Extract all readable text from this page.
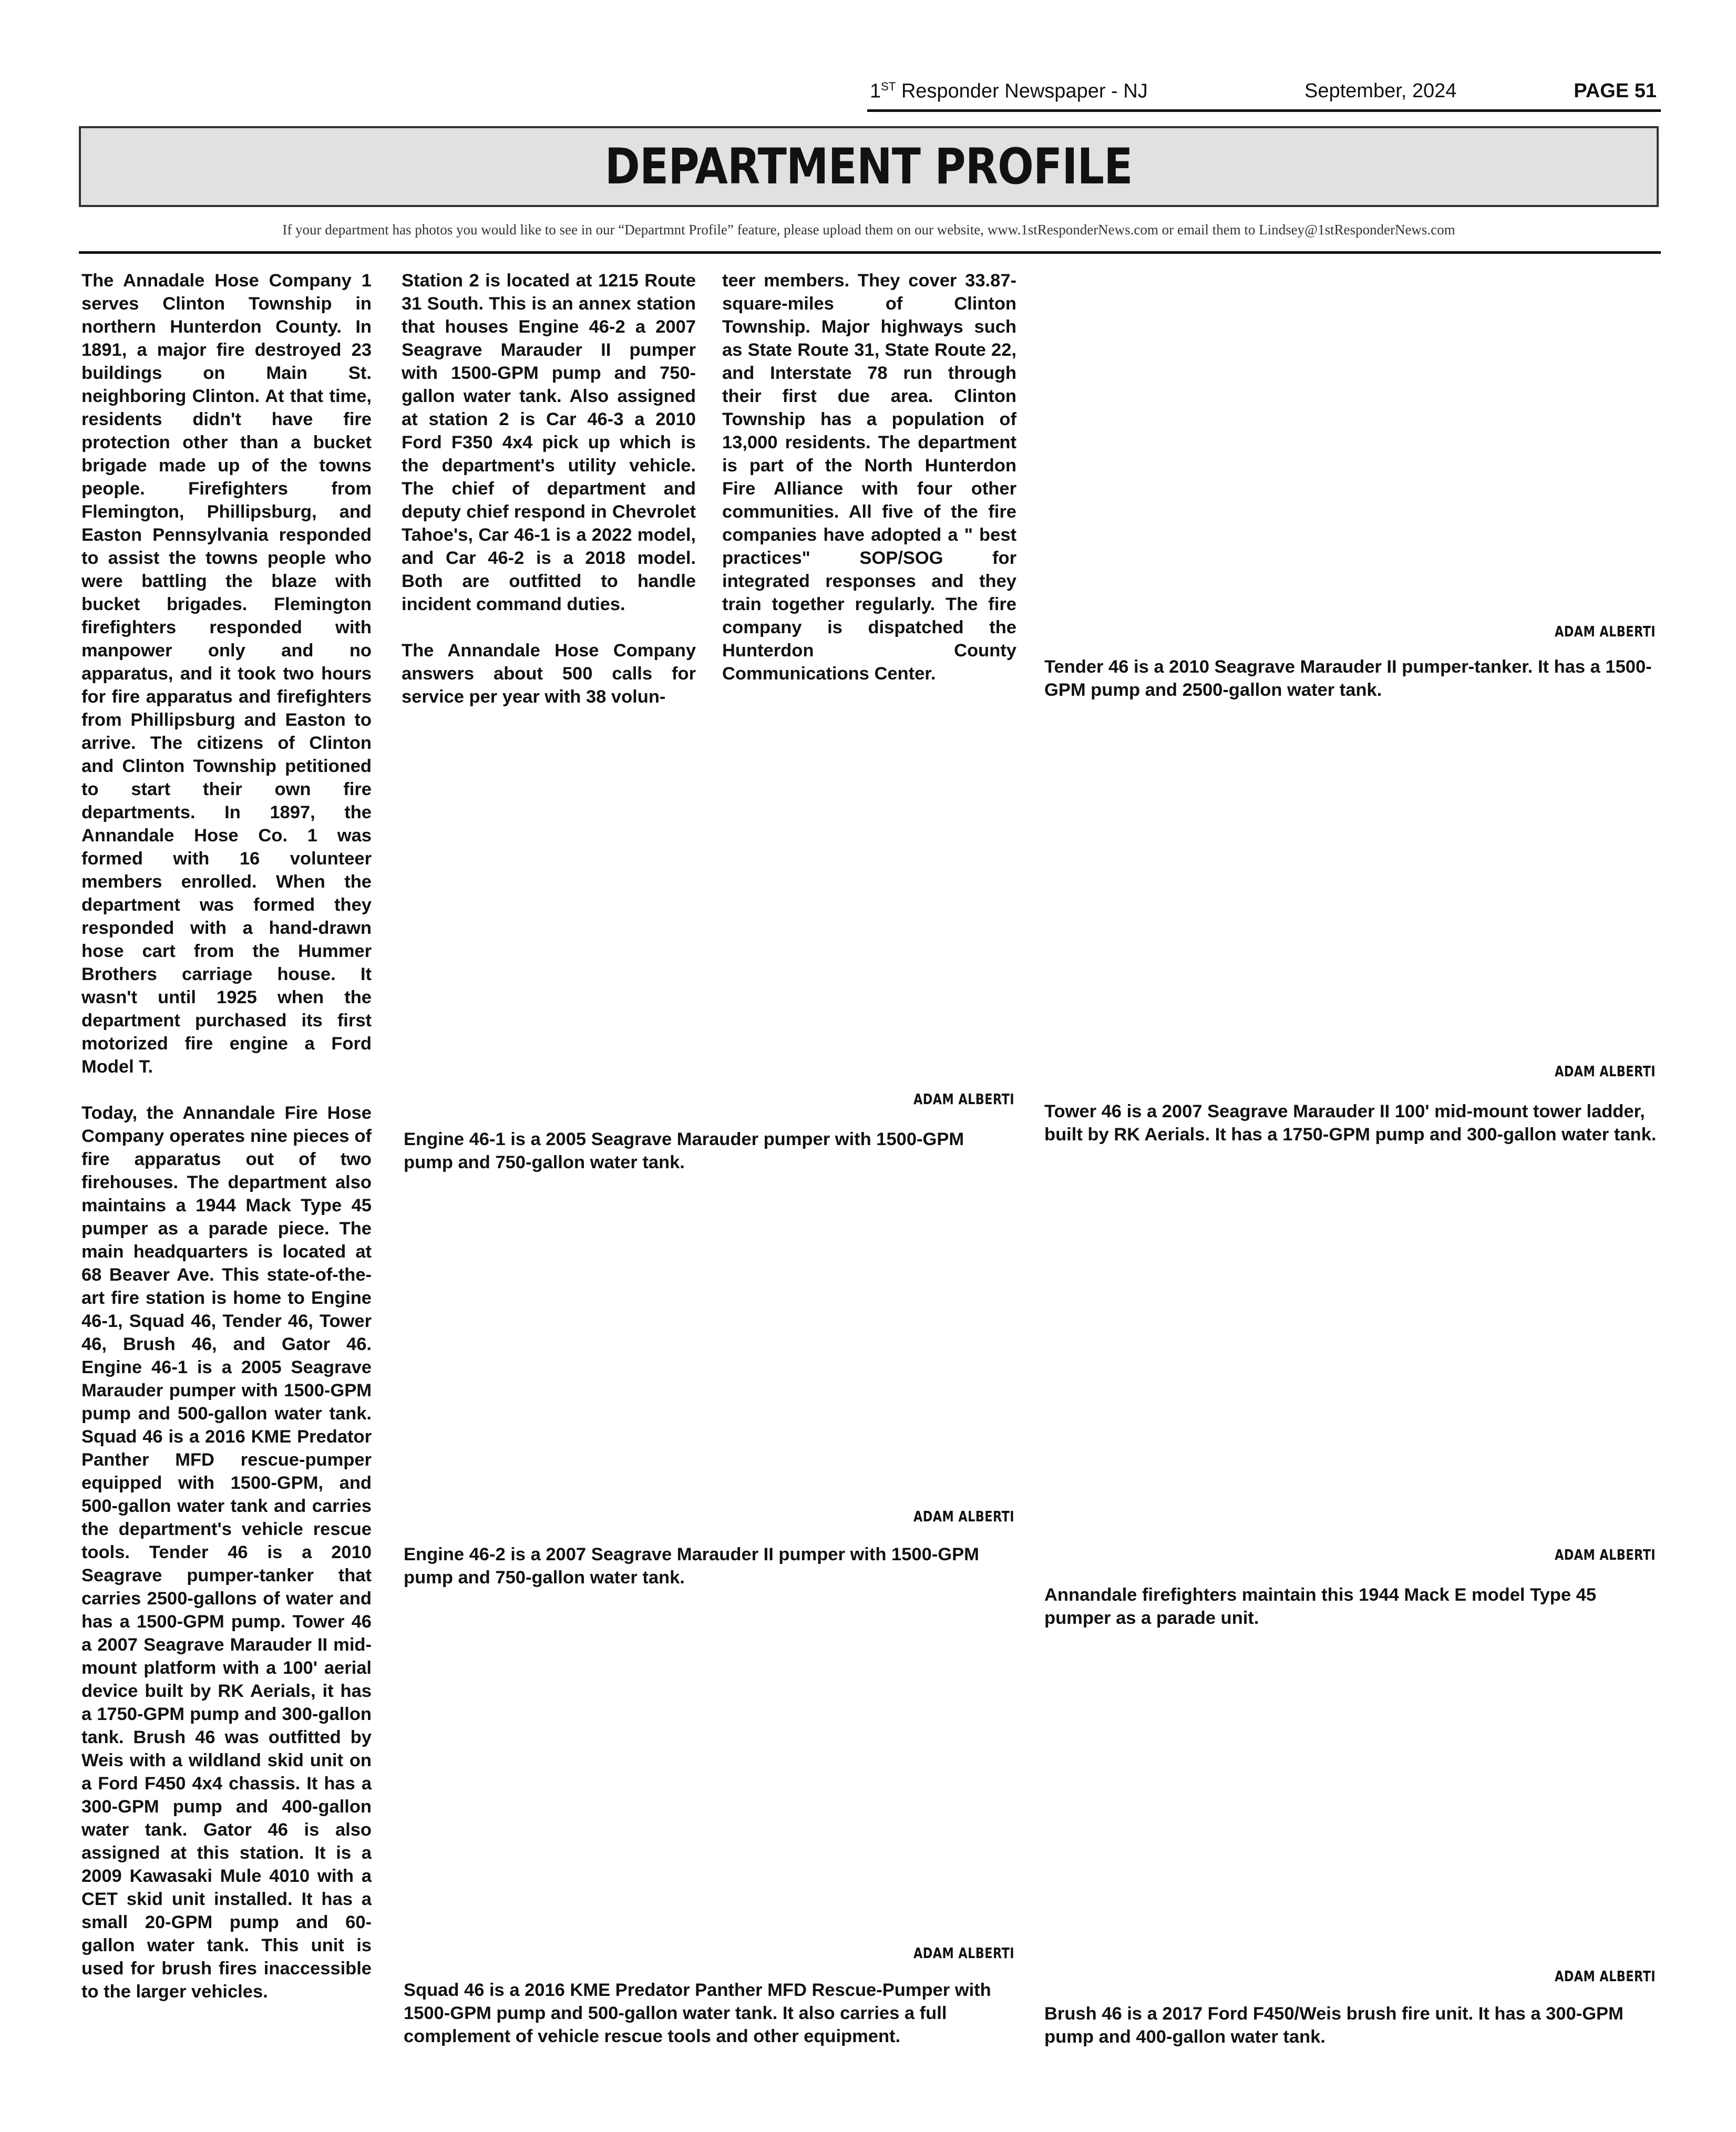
1ST Responder Newspaper - NJ	September, 2024	PAGE 51
DEPARTMENT PROFILE
If your department has photos you would like to see in our “Departmnt Profile” feature, please upload them on our website, www.1stResponderNews.com or email them to Lindsey@1stResponderNews.com

The Annadale Hose Company 1 serves Clinton Township in northern Hunterdon County. In 1891, a major fire destroyed 23 buildings on Main St. neighboring Clinton. At that time, residents didn't have fire protection other than a bucket brigade made up of the towns people. Firefighters from Flemington, Phillipsburg, and Easton Pennsylvania responded to assist the towns people who were battling the blaze with bucket brigades. Flemington firefighters responded with manpower only and no apparatus, and it took two hours for fire apparatus and firefighters from Phillipsburg and Easton to arrive. The citizens of Clinton and Clinton Township petitioned to start their own fire departments. In 1897, the Annandale Hose Co. 1 was formed with 16 volunteer members enrolled. When the department was formed they responded with a hand-drawn hose cart from the Hummer Brothers carriage house. It wasn't until 1925 when the department purchased its first motorized fire engine a Ford Model T.

Today, the Annandale Fire Hose Company operates nine pieces of fire apparatus out of two firehouses. The department also maintains a 1944 Mack Type 45 pumper as a parade piece. The main headquarters is located at 68 Beaver Ave. This state-of-the-art fire station is home to Engine 46-1, Squad 46, Tender 46, Tower 46, Brush 46, and Gator 46. Engine 46-1 is a 2005 Seagrave Marauder pumper with 1500-GPM pump and 500-gallon water tank. Squad 46 is a 2016 KME Predator Panther MFD rescue-pumper equipped with 1500-GPM, and 500-gallon water tank and carries the department's vehicle rescue tools. Tender 46 is a 2010 Seagrave pumper-tanker that carries 2500-gallons of water and has a 1500-GPM pump. Tower 46 a 2007 Seagrave Marauder II mid-mount platform with a 100' aerial device built by RK Aerials, it has a 1750-GPM pump and 300-gallon tank. Brush 46 was outfitted by Weis with a wildland skid unit on a Ford F450 4x4 chassis. It has a 300-GPM pump and 400-gallon water tank. Gator 46 is also assigned at this station. It is a 2009 Kawasaki Mule 4010 with a CET skid unit installed. It has a small 20-GPM pump and 60-gallon water tank. This unit is used for brush fires inaccessible to the larger vehicles.

Station 2 is located at 1215 Route 31 South. This is an annex station that houses Engine 46-2 a 2007 Seagrave Marauder II pumper with 1500-GPM pump and 750-gallon water tank. Also assigned at station 2 is Car 46-3 a 2010 Ford F350 4x4 pick up which is the department's utility vehicle. The chief of department and deputy chief respond in Chevrolet Tahoe's, Car 46-1 is a 2022 model, and Car 46-2 is a 2018 model. Both are outfitted to handle incident command duties.

The Annandale Hose Company answers about 500 calls for service per year with 38 volun-

teer members. They cover 33.87-square-miles of Clinton Township. Major highways such as State Route 31, State Route 22, and Interstate 78 run through their first due area. Clinton Township has a population of 13,000 residents. The department is part of the North Hunterdon Fire Alliance with four other communities. All five of the fire companies have adopted a " best practices" SOP/SOG for integrated responses and they train together regularly. The fire company is dispatched the Hunterdon County Communications Center.

ADAM ALBERTI
Tender 46 is a 2010 Seagrave Marauder II pumper-tanker. It has a 1500-GPM pump and 2500-gallon water tank.
ADAM ALBERTI
Tower 46 is a 2007 Seagrave Marauder II 100' mid-mount tower ladder, built by RK Aerials. It has a 1750-GPM pump and 300-gallon water tank.
ADAM ALBERTI
Annandale firefighters maintain this 1944 Mack E model Type 45 pumper as a parade unit.
ADAM ALBERTI
Brush 46 is a 2017 Ford F450/Weis brush fire unit. It has a 300-GPM pump and 400-gallon water tank.
ADAM ALBERTI
Engine 46-1 is a 2005 Seagrave Marauder pumper with 1500-GPM pump and 750-gallon water tank.
ADAM ALBERTI
Engine 46-2 is a 2007 Seagrave Marauder II pumper with 1500-GPM pump and 750-gallon water tank.
ADAM ALBERTI
Squad 46 is a 2016 KME Predator Panther MFD Rescue-Pumper with 1500-GPM pump and 500-gallon water tank. It also carries a full complement of vehicle rescue tools and other equipment.
